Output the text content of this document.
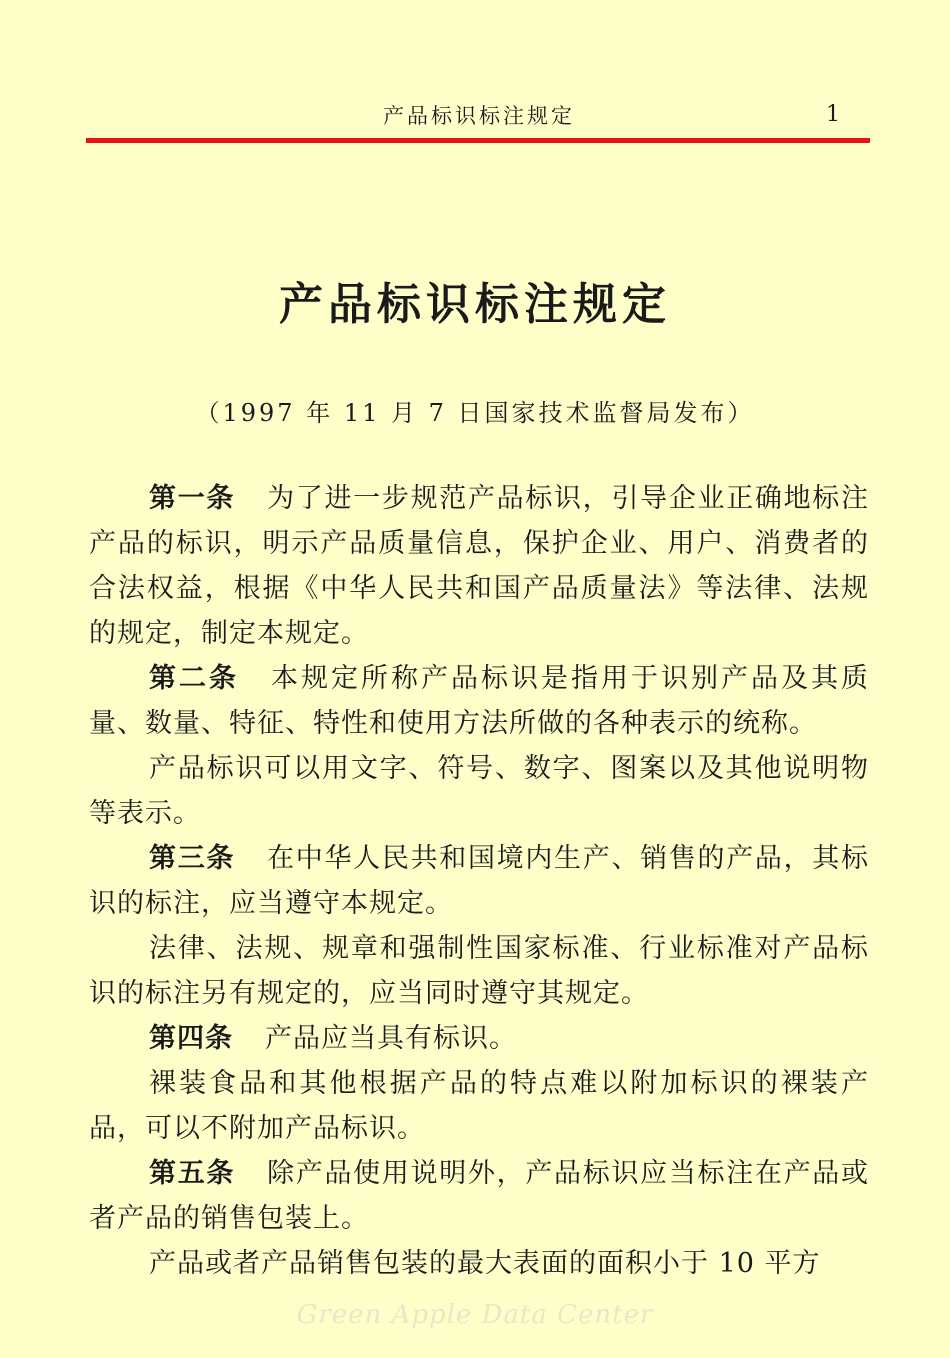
产品标识标注规定	1
产品标识标注规定
（1997 年 11 月 7 日国家技术监督局发布）

第一条 为了进一步规范产品标识，引导企业正确地标注产品的标识，明示产品质量信息，保护企业、用户、消费者的合法权益，根据《中华人民共和国产品质量法》等法律、法规的规定，制定本规定。

第二条 本规定所称产品标识是指用于识别产品及其质量、数量、特征、特性和使用方法所做的各种表示的统称。

产品标识可以用文字、符号、数字、图案以及其他说明物等表示。

第三条 在中华人民共和国境内生产、销售的产品，其标识的标注，应当遵守本规定。

法律、法规、规章和强制性国家标准、行业标准对产品标识的标注另有规定的，应当同时遵守其规定。

第四条 产品应当具有标识。

裸装食品和其他根据产品的特点难以附加标识的裸装产品，可以不附加产品标识。

第五条 除产品使用说明外，产品标识应当标注在产品或者产品的销售包装上。

产品或者产品销售包装的最大表面的面积小于 10 平方

Green Apple Data Center
